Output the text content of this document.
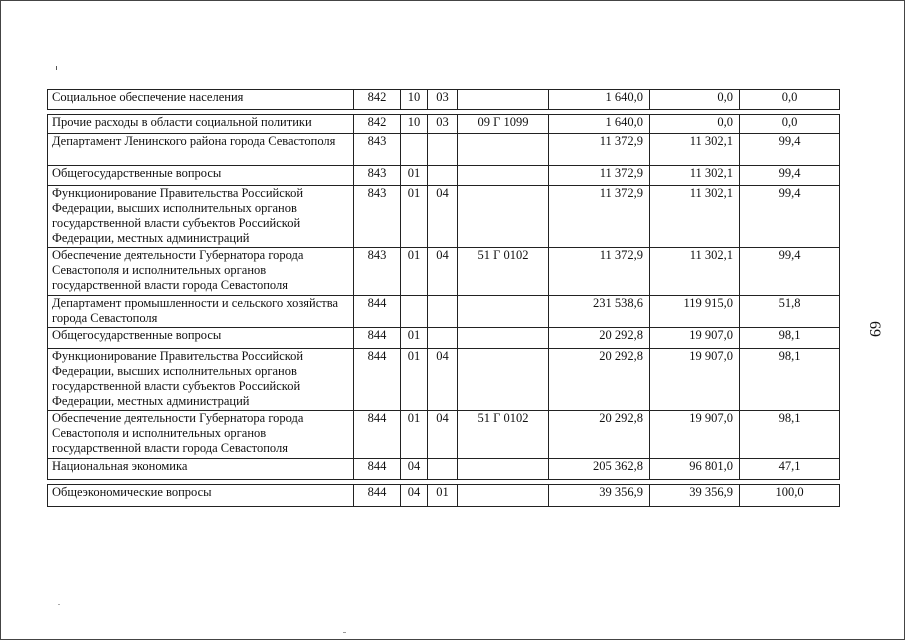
Социальное обеспечение населения	842	10	03		1 640,0	0,0	0,0

Прочие расходы в области социальной политики	842	10	03	09 Г 1099	1 640,0	0,0	0,0
Департамент Ленинского района города Севастополя	843				11 372,9	11 302,1	99,4
Общегосударственные вопросы	843	01			11 372,9	11 302,1	99,4
Функционирование Правительства Российской Федерации, высших исполнительных органов государственной власти субъектов Российской Федерации, местных администраций	843	01	04		11 372,9	11 302,1	99,4
Обеспечение деятельности Губернатора города Севастополя и исполнительных органов государственной власти города Севастополя	843	01	04	51 Г 0102	11 372,9	11 302,1	99,4
Департамент промышленности и сельского хозяйства города Севастополя	844				231 538,6	119 915,0	51,8
Общегосударственные вопросы	844	01			20 292,8	19 907,0	98,1
Функционирование Правительства Российской Федерации, высших исполнительных органов государственной власти субъектов Российской Федерации, местных администраций	844	01	04		20 292,8	19 907,0	98,1
Обеспечение деятельности Губернатора города Севастополя и исполнительных органов государственной власти города Севастополя	844	01	04	51 Г 0102	20 292,8	19 907,0	98,1
Национальная экономика	844	04			205 362,8	96 801,0	47,1

Общеэкономические вопросы	844	04	01		39 356,9	39 356,9	100,0
69
